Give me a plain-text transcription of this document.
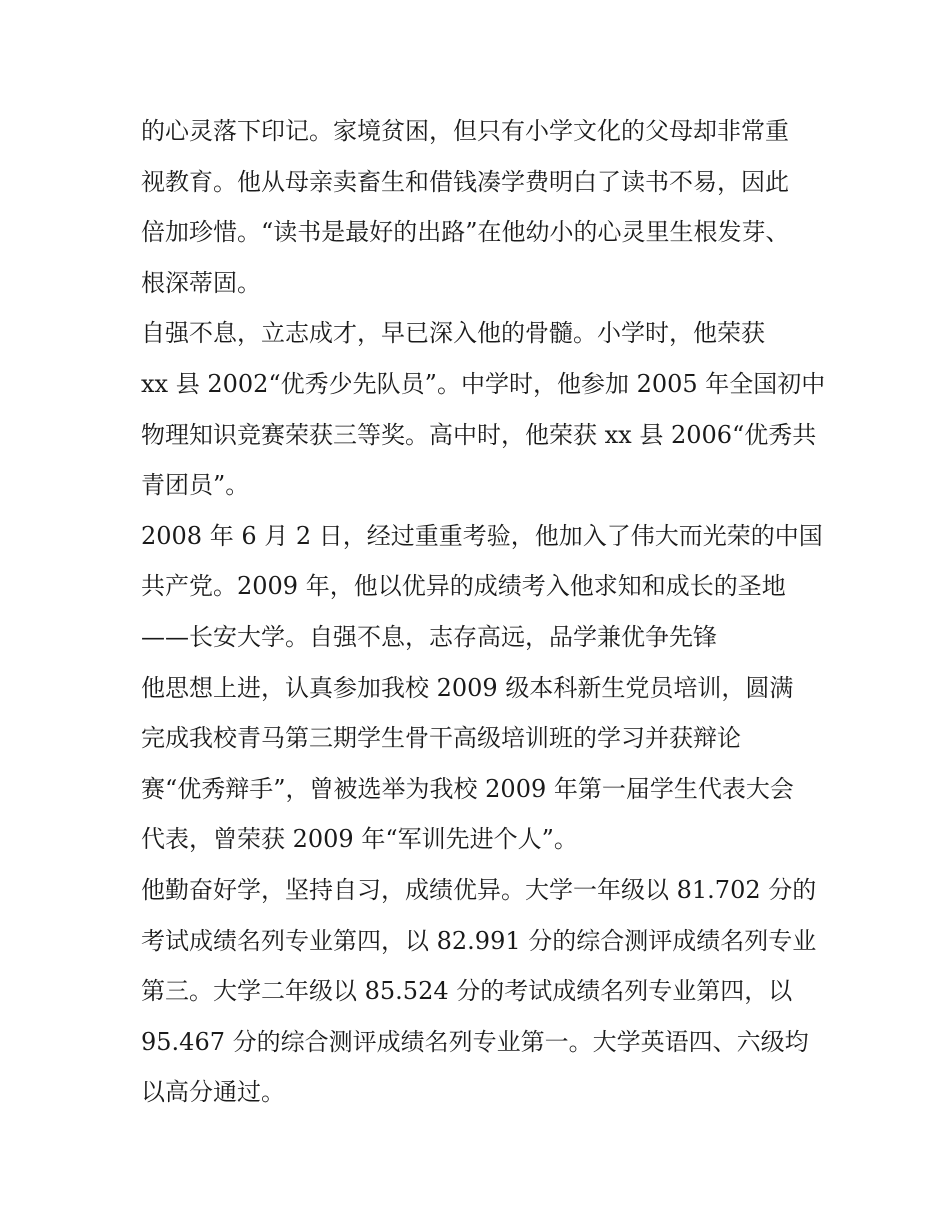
的心灵落下印记。家境贫困，但只有小学文化的父母却非常重
视教育。他从母亲卖畜生和借钱凑学费明白了读书不易，因此
倍加珍惜。“读书是最好的出路”在他幼小的心灵里生根发芽、
根深蒂固。
自强不息，立志成才，早已深入他的骨髓。小学时，他荣获
xx 县 2002“优秀少先队员”。中学时，他参加 2005 年全国初中
物理知识竞赛荣获三等奖。高中时，他荣获 xx 县 2006“优秀共
青团员”。
2008 年 6 月 2 日，经过重重考验，他加入了伟大而光荣的中国
共产党。2009 年，他以优异的成绩考入他求知和成长的圣地
——长安大学。自强不息，志存高远，品学兼优争先锋
他思想上进，认真参加我校 2009 级本科新生党员培训，圆满
完成我校青马第三期学生骨干高级培训班的学习并获辩论
赛“优秀辩手”，曾被选举为我校 2009 年第一届学生代表大会
代表，曾荣获 2009 年“军训先进个人”。
他勤奋好学，坚持自习，成绩优异。大学一年级以 81.702 分的
考试成绩名列专业第四，以 82.991 分的综合测评成绩名列专业
第三。大学二年级以 85.524 分的考试成绩名列专业第四，以
95.467 分的综合测评成绩名列专业第一。大学英语四、六级均
以高分通过。
